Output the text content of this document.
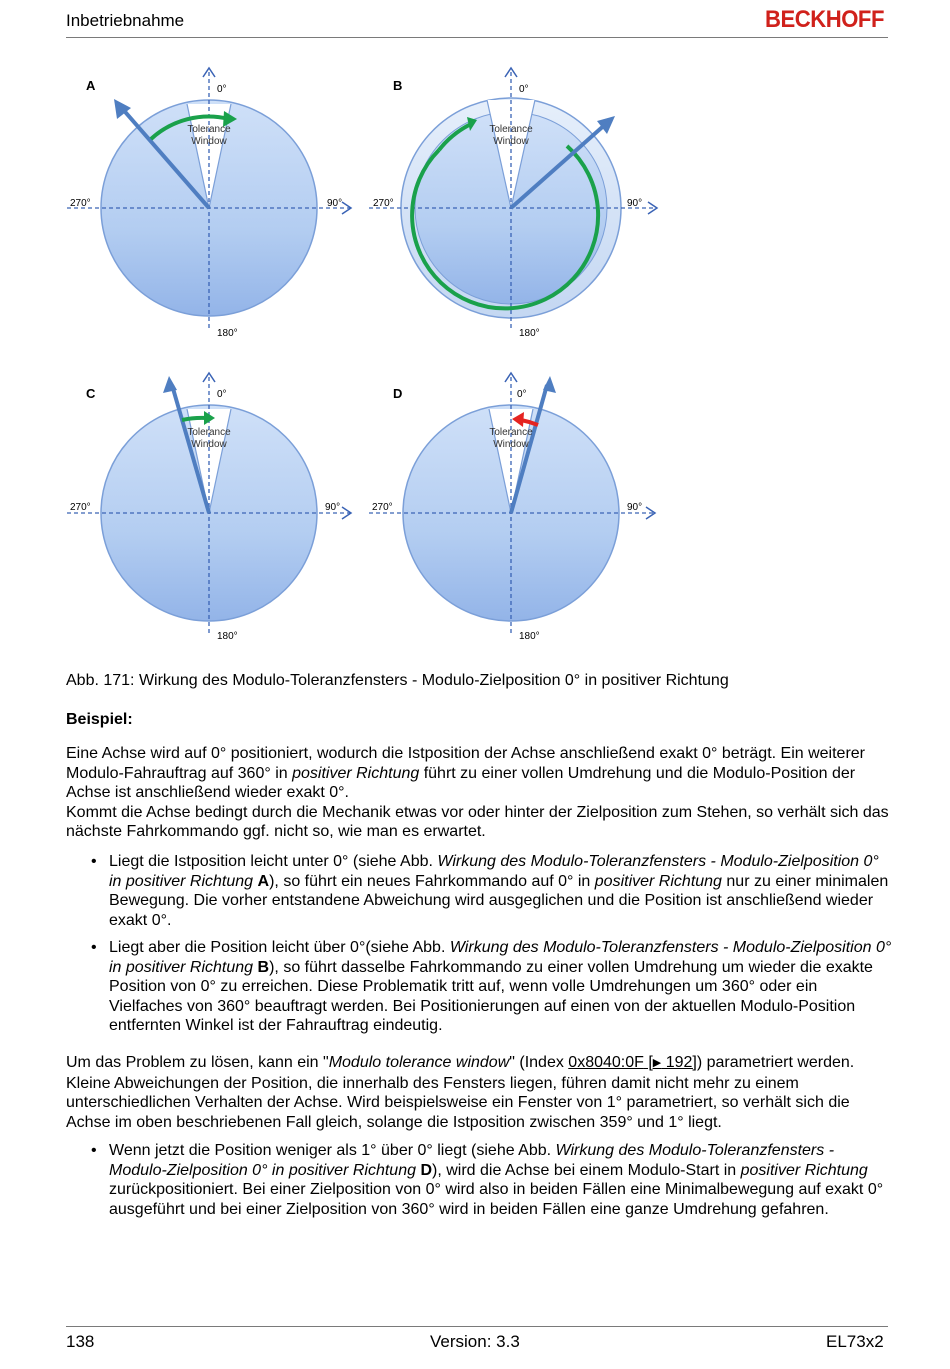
Inbetriebnahme	BECKHOFF
A	0°
90°
180°
270°
Tolerance
Window
B	0°
90°
180°
270°
Tolerance
Window
C	0°
90°
180°
270°
Tolerance
Window
D	0°
90°
180°
270°
Tolerance
Window
Abb. 171: Wirkung des Modulo-Toleranzfensters - Modulo-Zielposition 0° in positiver Richtung
Beispiel:

Eine Achse wird auf 0° positioniert, wodurch die Istposition der Achse anschließend exakt 0° beträgt. Ein weiterer Modulo-Fahrauftrag auf 360° in positiver Richtung führt zu einer vollen Umdrehung und die Modulo-Position der Achse ist anschließend wieder exakt 0°.

Kommt die Achse bedingt durch die Mechanik etwas vor oder hinter der Zielposition zum Stehen, so verhält sich das nächste Fahrkommando ggf. nicht so, wie man es erwartet.

• Liegt die Istposition leicht unter 0° (siehe Abb. Wirkung des Modulo-Toleranzfensters - Modulo-Zielposition 0° in positiver Richtung A), so führt ein neues Fahrkommando auf 0° in positiver Richtung nur zu einer minimalen Bewegung. Die vorher entstandene Abweichung wird ausgeglichen und die Position ist anschließend wieder exakt 0°.
• Liegt aber die Position leicht über 0°(siehe Abb. Wirkung des Modulo-Toleranzfensters - Modulo-Zielposition 0° in positiver Richtung B), so führt dasselbe Fahrkommando zu einer vollen Umdrehung um wieder die exakte Position von 0° zu erreichen. Diese Problematik tritt auf, wenn volle Umdrehungen um 360° oder ein Vielfaches von 360° beauftragt werden. Bei Positionierungen auf einen von der aktuellen Modulo-Position entfernten Winkel ist der Fahrauftrag eindeutig.

Um das Problem zu lösen, kann ein "Modulo tolerance window" (Index 0x8040:0F [▶ 192]) parametriert werden. Kleine Abweichungen der Position, die innerhalb des Fensters liegen, führen damit nicht mehr zu einem unterschiedlichen Verhalten der Achse. Wird beispielsweise ein Fenster von 1° parametriert, so verhält sich die Achse im oben beschriebenen Fall gleich, solange die Istposition zwischen 359° und 1° liegt.

• Wenn jetzt die Position weniger als 1° über 0° liegt (siehe Abb. Wirkung des Modulo-Toleranzfensters - Modulo-Zielposition 0° in positiver Richtung D), wird die Achse bei einem Modulo-Start in positiver Richtung zurückpositioniert. Bei einer Zielposition von 0° wird also in beiden Fällen eine Minimalbewegung auf exakt 0° ausgeführt und bei einer Zielposition von 360° wird in beiden Fällen eine ganze Umdrehung gefahren.
138	Version: 3.3	EL73x2
